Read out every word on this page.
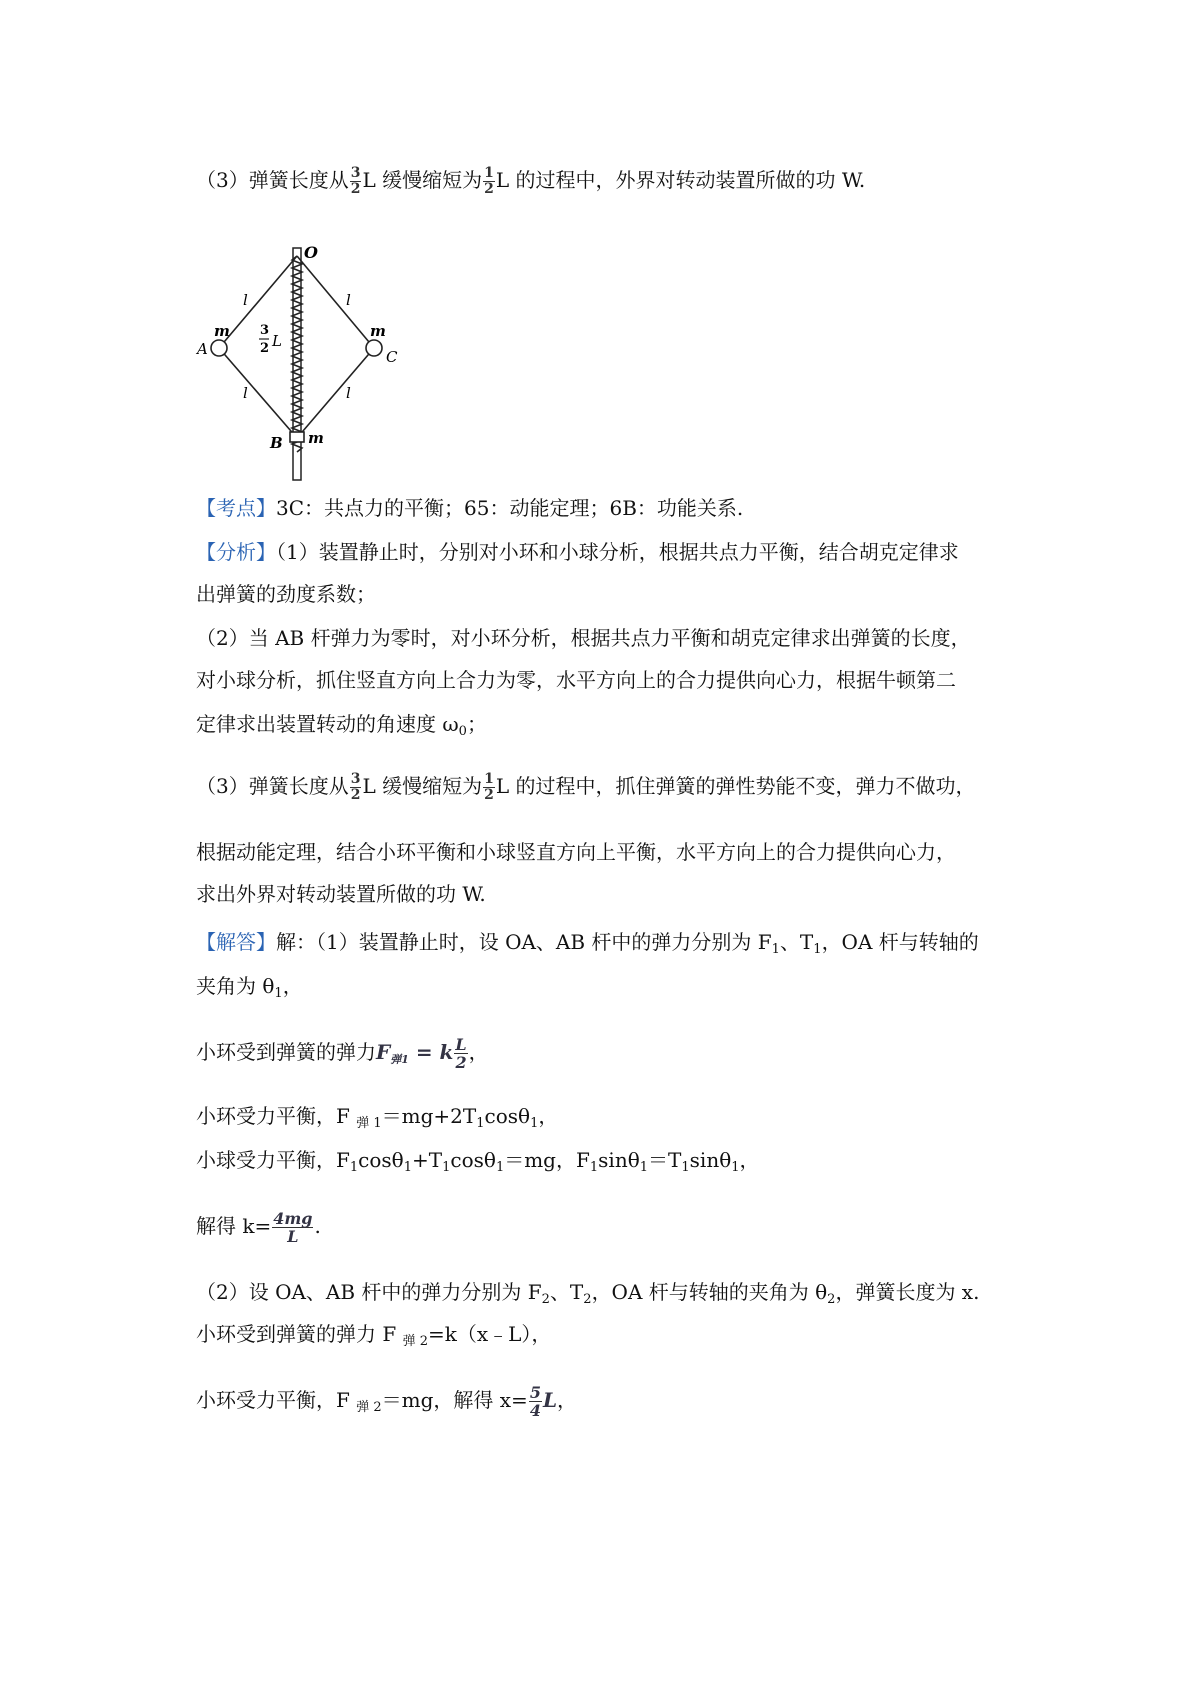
（3）弹簧长度从 $\frac{3}{2}$ L 缓慢缩短为 $\frac{1}{2}$ L 的过程中，外界对转动装置所做的功 W.
O
l	l
l	l
m	m
A	C
B m
3
2 L
【考点】3C：共点力的平衡；65：动能定理；6B：功能关系.
【分析】（1）装置静止时，分别对小环和小球分析，根据共点力平衡，结合胡克定律求
出弹簧的劲度系数；
（2）当 AB 杆弹力为零时，对小环分析，根据共点力平衡和胡克定律求出弹簧的长度，
对小球分析，抓住竖直方向上合力为零，水平方向上的合力提供向心力，根据牛顿第二
定律求出装置转动的角速度 $\omega_0$；
（3）弹簧长度从 $\frac{3}{2}$ L 缓慢缩短为 $\frac{1}{2}$ L 的过程中，抓住弹簧的弹性势能不变，弹力不做功，
根据动能定理，结合小环平衡和小球竖直方向上平衡，水平方向上的合力提供向心力，
求出外界对转动装置所做的功 W.
【解答】解：（1）装置静止时，设 OA、AB 杆中的弹力分别为 $F_1$、$T_1$，OA 杆与转轴的
夹角为 $\theta_1$，
小环受到弹簧的弹力$F_{弹1} = k \frac{L}{2}$ ，
小环受力平衡，F $_{弹 1}=mg+2T_1\cos\theta_1$，
小球受力平衡，$F_1\cos\theta_1+T_1\cos\theta_1=mg$，$F_1\sin\theta_1=T_1\sin\theta_1$，
解得 $k= \frac{4mg}{L}$ .
（2）设 OA、AB 杆中的弹力分别为 $F_2$、$T_2$，OA 杆与转轴的夹角为 $\theta_2$，弹簧长度为 x.
小环受到弹簧的弹力 F $_{弹 2}$=k（x﹣L），
小环受力平衡，F $_{弹 2}$＝mg，解得 $x= \frac{5}{4}$ L，
